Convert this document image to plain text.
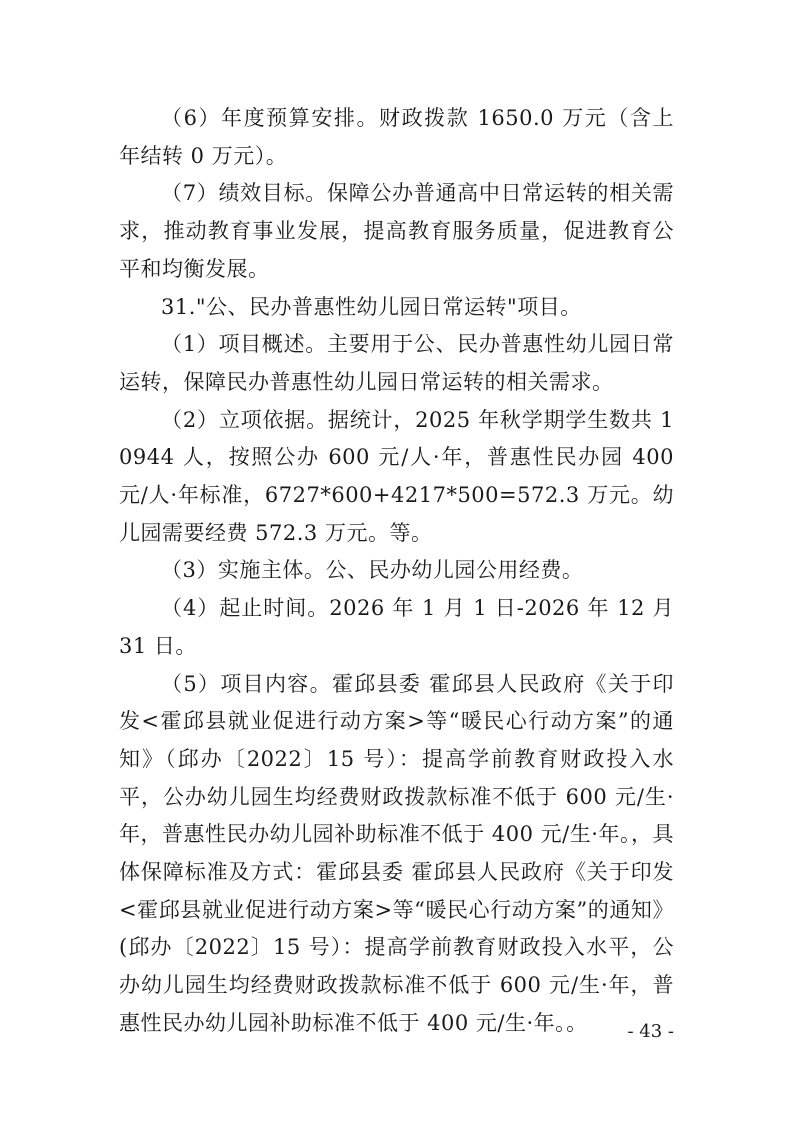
（6）年度预算安排。财政拨款 1650.0 万元（含上年结转 0 万元）。

（7）绩效目标。保障公办普通高中日常运转的相关需求，推动教育事业发展，提高教育服务质量，促进教育公平和均衡发展。

31."公、民办普惠性幼儿园日常运转"项目。

（1）项目概述。主要用于公、民办普惠性幼儿园日常运转，保障民办普惠性幼儿园日常运转的相关需求。

（2）立项依据。据统计，2025 年秋学期学生数共 10944 人，按照公办 600 元/人·年，普惠性民办园 400 元/人·年标准，6727*600+4217*500=572.3 万元。幼儿园需要经费 572.3 万元。等。

（3）实施主体。公、民办幼儿园公用经费。

（4）起止时间。2026 年 1 月 1 日-2026 年 12 月 31 日。

（5）项目内容。霍邱县委 霍邱县人民政府《关于印发<霍邱县就业促进行动方案>等“暖民心行动方案”的通知》（邱办〔2022〕15 号）：提高学前教育财政投入水平，公办幼儿园生均经费财政拨款标准不低于 600 元/生·年，普惠性民办幼儿园补助标准不低于 400 元/生·年。，具体保障标准及方式：霍邱县委 霍邱县人民政府《关于印发<霍邱县就业促进行动方案>等“暖民心行动方案”的通知》(邱办〔2022〕15 号）：提高学前教育财政投入水平，公办幼儿园生均经费财政拨款标准不低于 600 元/生·年，普惠性民办幼儿园补助标准不低于 400 元/生·年。。	- 43 -
